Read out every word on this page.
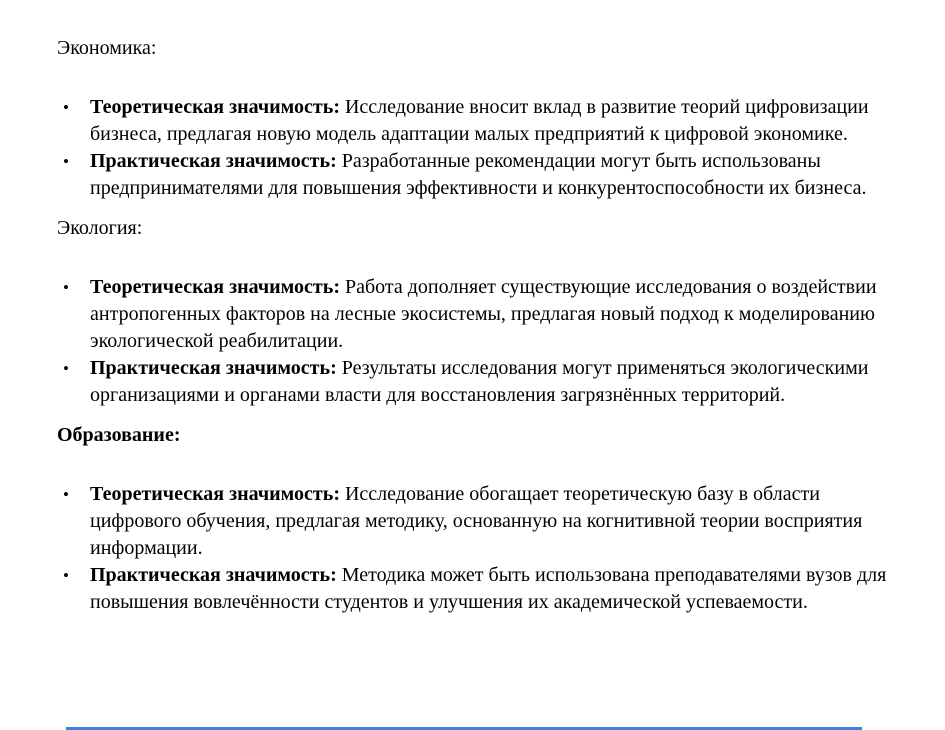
Экономика:
• Теоретическая значимость: Исследование вносит вклад в развитие теорий цифровизации бизнеса, предлагая новую модель адаптации малых предприятий к цифровой экономике.
• Практическая значимость: Разработанные рекомендации могут быть использованы предпринимателями для повышения эффективности и конкурентоспособности их бизнеса.
Экология:
• Теоретическая значимость: Работа дополняет существующие исследования о воздействии антропогенных факторов на лесные экосистемы, предлагая новый подход к моделированию экологической реабилитации.
• Практическая значимость: Результаты исследования могут применяться экологическими организациями и органами власти для восстановления загрязнённых территорий.
Образование:
• Теоретическая значимость: Исследование обогащает теоретическую базу в области цифрового обучения, предлагая методику, основанную на когнитивной теории восприятия информации.
• Практическая значимость: Методика может быть использована преподавателями вузов для повышения вовлечённости студентов и улучшения их академической успеваемости.
